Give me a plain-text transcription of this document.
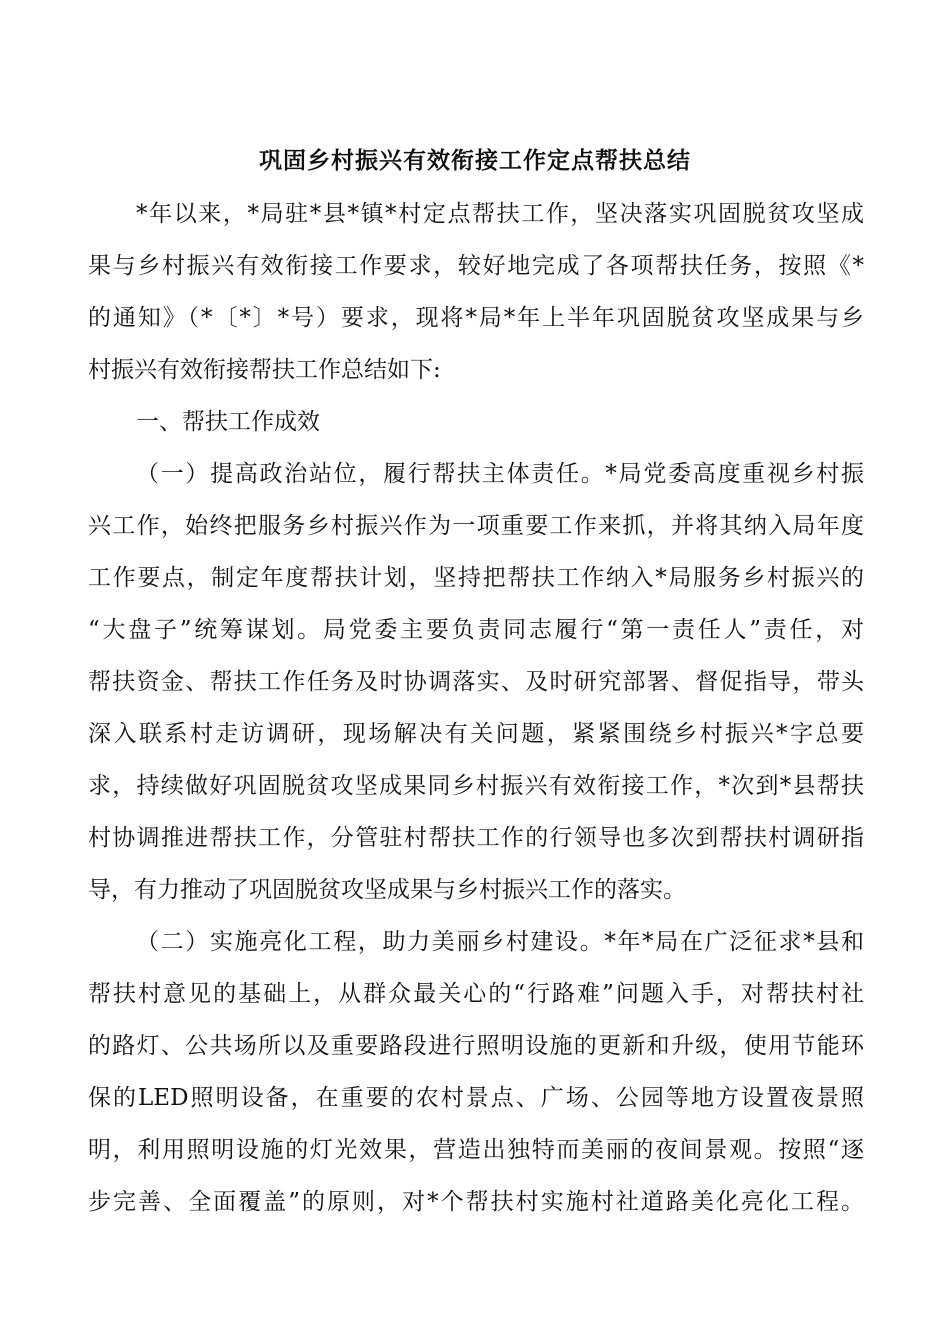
巩固乡村振兴有效衔接工作定点帮扶总结
*年以来，*局驻*县*镇*村定点帮扶工作，坚决落实巩固脱贫攻坚成
果与乡村振兴有效衔接工作要求，较好地完成了各项帮扶任务，按照《*
的通知》（*〔*〕*号）要求，现将*局*年上半年巩固脱贫攻坚成果与乡
村振兴有效衔接帮扶工作总结如下:
一、帮扶工作成效
（一）提高政治站位，履行帮扶主体责任。*局党委高度重视乡村振
兴工作，始终把服务乡村振兴作为一项重要工作来抓，并将其纳入局年度
工作要点，制定年度帮扶计划，坚持把帮扶工作纳入*局服务乡村振兴的
“大盘子”统筹谋划。局党委主要负责同志履行“第一责任人”责任，对
帮扶资金、帮扶工作任务及时协调落实、及时研究部署、督促指导，带头
深入联系村走访调研，现场解决有关问题，紧紧围绕乡村振兴*字总要
求，持续做好巩固脱贫攻坚成果同乡村振兴有效衔接工作，*次到*县帮扶
村协调推进帮扶工作，分管驻村帮扶工作的行领导也多次到帮扶村调研指
导，有力推动了巩固脱贫攻坚成果与乡村振兴工作的落实。
（二）实施亮化工程，助力美丽乡村建设。*年*局在广泛征求*县和
帮扶村意见的基础上，从群众最关心的“行路难”问题入手，对帮扶村社
的路灯、公共场所以及重要路段进行照明设施的更新和升级，使用节能环
保的LED照明设备，在重要的农村景点、广场、公园等地方设置夜景照
明，利用照明设施的灯光效果，营造出独特而美丽的夜间景观。按照“逐
步完善、全面覆盖”的原则，对*个帮扶村实施村社道路美化亮化工程。
